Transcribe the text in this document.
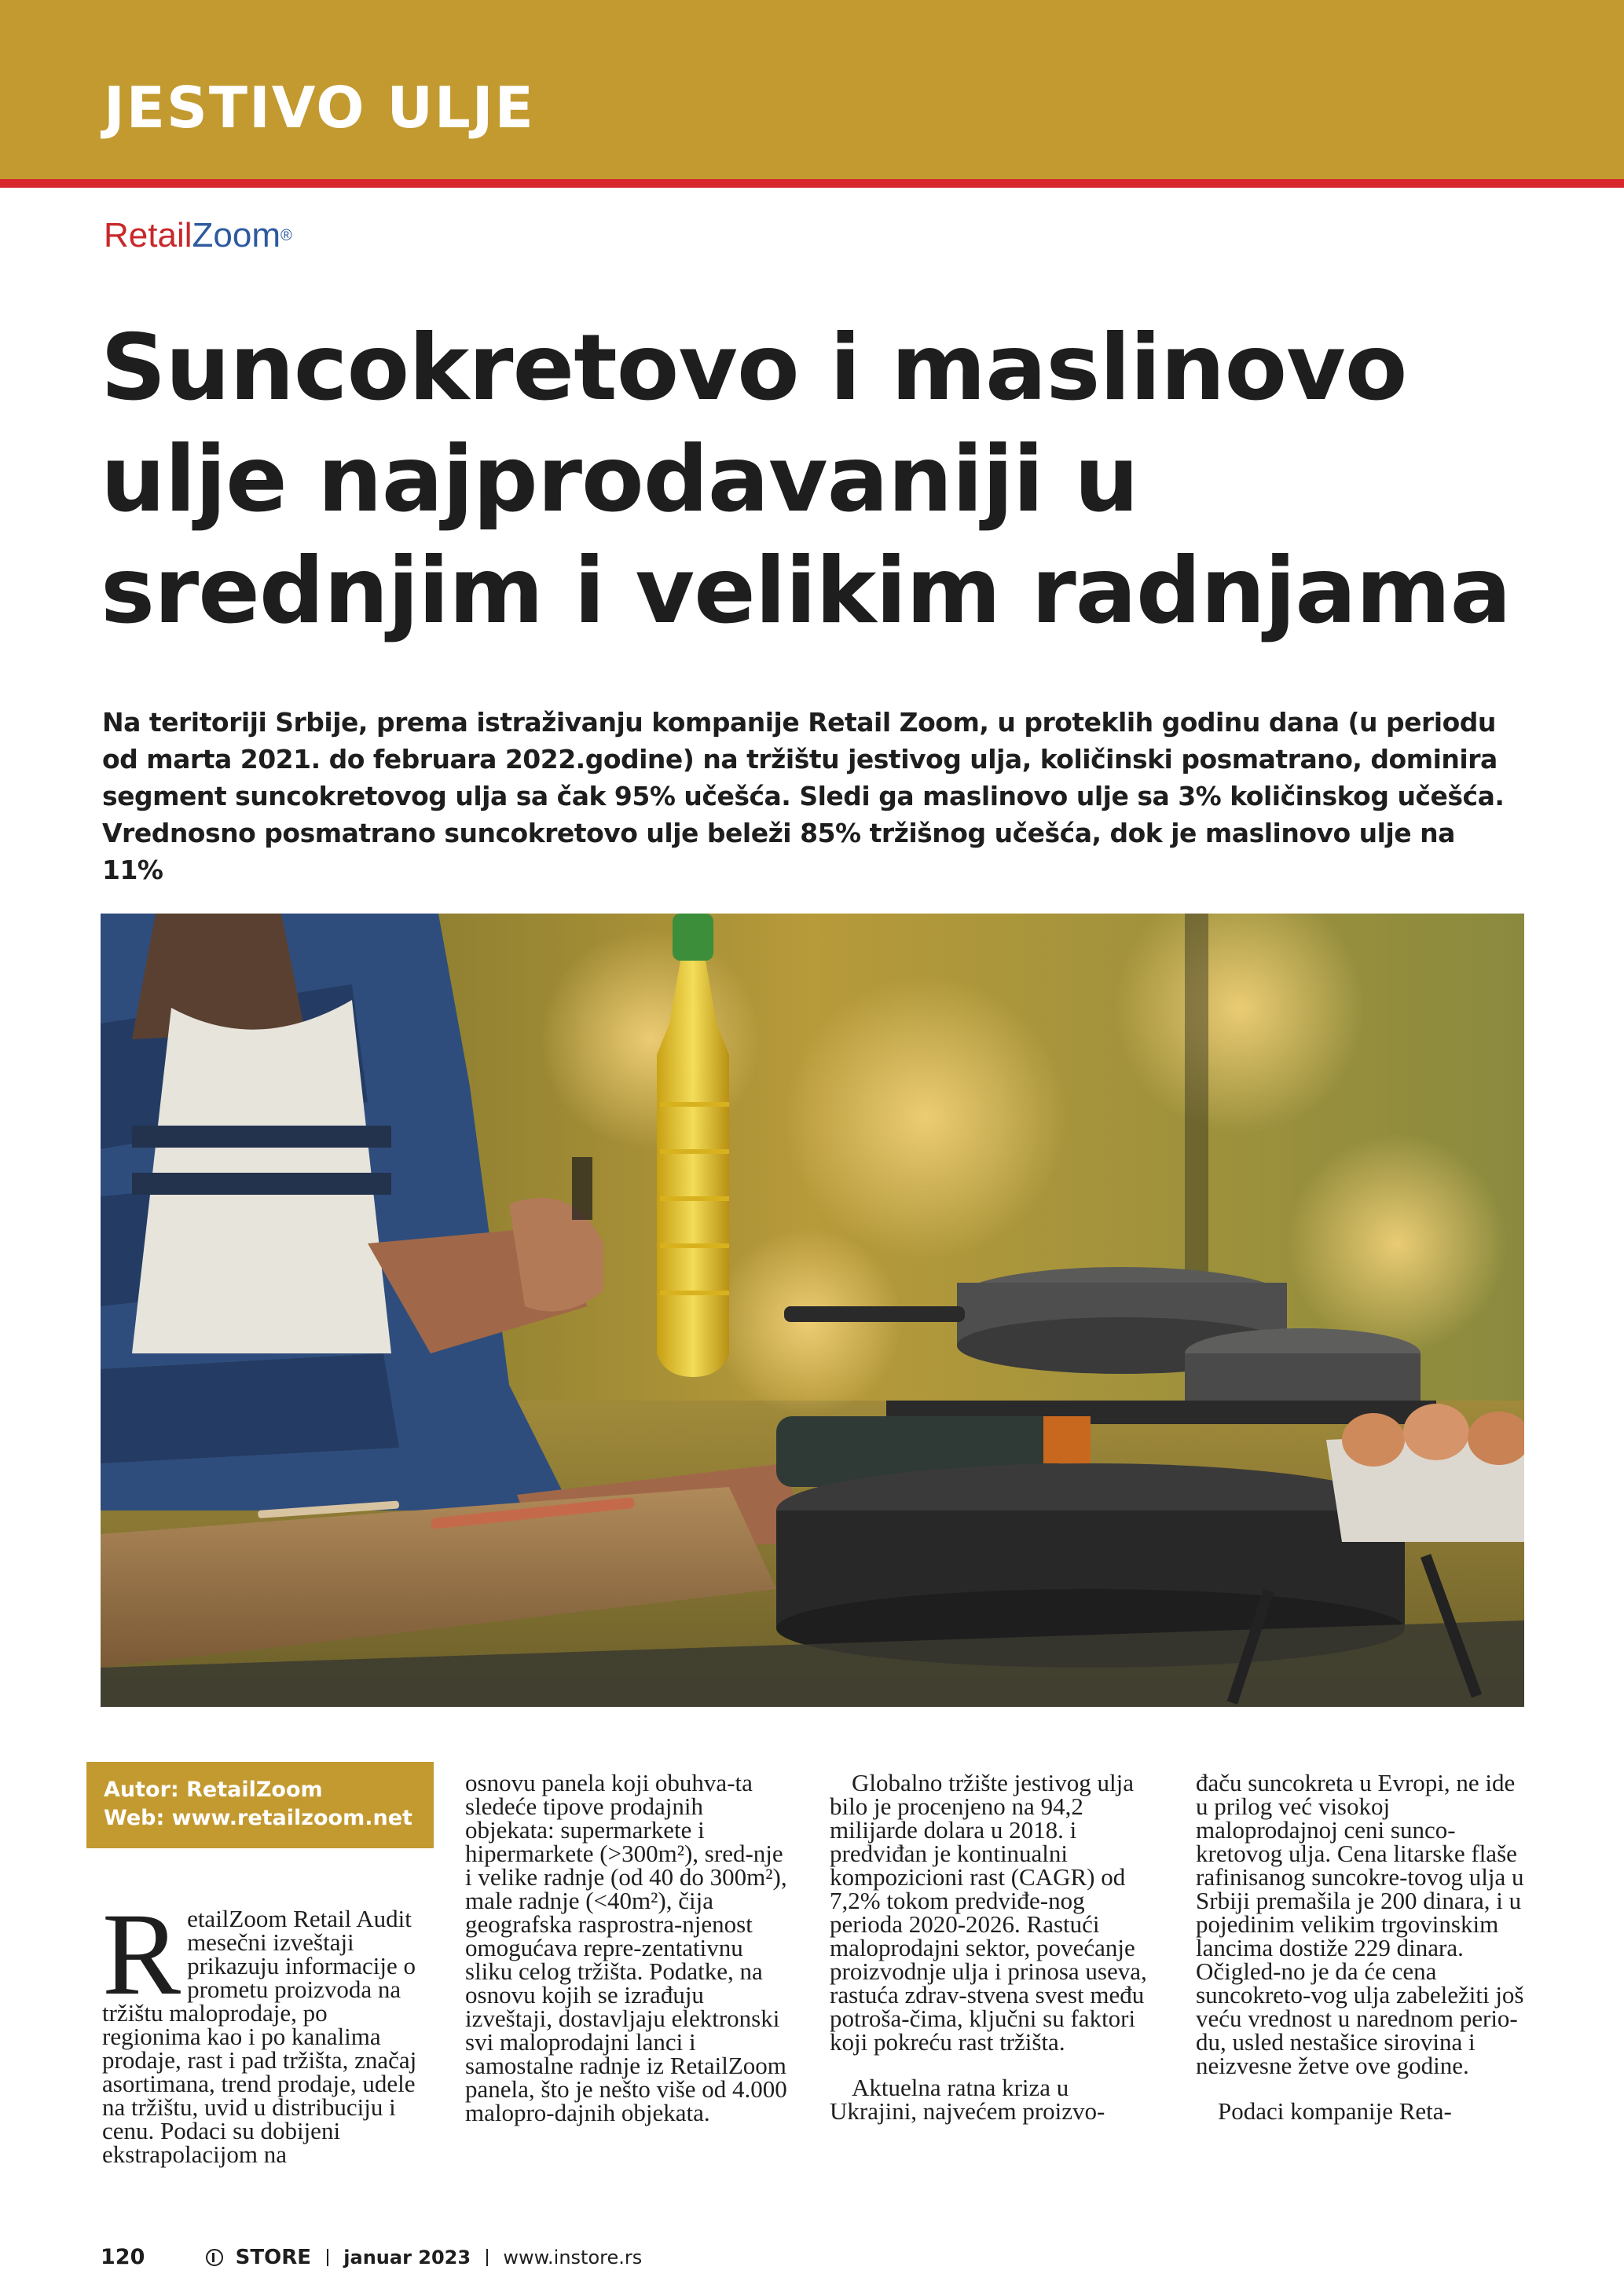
JESTIVO ULJE
RetailZoom®
Suncokretovo i maslinovo ulje najprodavaniji u srednjim i velikim radnjama

Na teritoriji Srbije, prema istraživanju kompanije Retail Zoom, u proteklih godinu dana (u periodu od marta 2021. do februara 2022.godine) na tržištu jestivog ulja, količinski posmatrano, dominira segment suncokretovog ulja sa čak 95% učešća. Sledi ga maslinovo ulje sa 3% količinskog učešća. Vrednosno posmatrano suncokretovo ulje beleži 85% tržišnog učešća, dok je maslinovo ulje na 11%

Autor: RetailZoom
Web: www.retailzoom.net
RetailZoom Retail Audit mesečni izveštaji prikazuju informacije o prometu proizvoda na tržištu maloprodaje, po regionima kao i po kanalima prodaje, rast i pad tržišta, značaj asortimana, trend prodaje, udele na tržištu, uvid u distribuciju i cenu. Podaci su dobijeni ekstrapolacijom na

osnovu panela koji obuhva-ta sledeće tipove prodajnih objekata: supermarkete i hipermarkete (>300m²), sred-nje i velike radnje (od 40 do 300m²), male radnje (<40m²), čija geografska rasprostra-njenost omogućava repre-zentativnu sliku celog tržišta. Podatke, na osnovu kojih se izrađuju izveštaji, dostavljaju elektronski svi maloprodajni lanci i samostalne radnje iz RetailZoom panela, što je nešto više od 4.000 malopro-dajnih objekata.

Globalno tržište jestivog ulja bilo je procenjeno na 94,2 milijarde dolara u 2018. i predviđan je kontinualni kompozicioni rast (CAGR) od 7,2% tokom predviđe-nog perioda 2020-2026. Rastući maloprodajni sektor, povećanje proizvodnje ulja i prinosa useva, rastuća zdrav-stvena svest među potroša-čima, ključni su faktori koji pokreću rast tržišta.

Aktuelna ratna kriza u Ukrajini, najvećem proizvo-

đaču suncokreta u Evropi, ne ide u prilog već visokoj maloprodajnoj ceni sunco-kretovog ulja. Cena litarske flaše rafinisanog suncokre-tovog ulja u Srbiji premašila je 200 dinara, i u pojedinim velikim trgovinskim lancima dostiže 229 dinara. Očigled-no je da će cena suncokreto-vog ulja zabeležiti još veću vrednost u narednom perio-du, usled nestašice sirovina i neizvesne žetve ove godine.

Podaci kompanije Reta-

120	STORE januar 2023 www.instore.rs
